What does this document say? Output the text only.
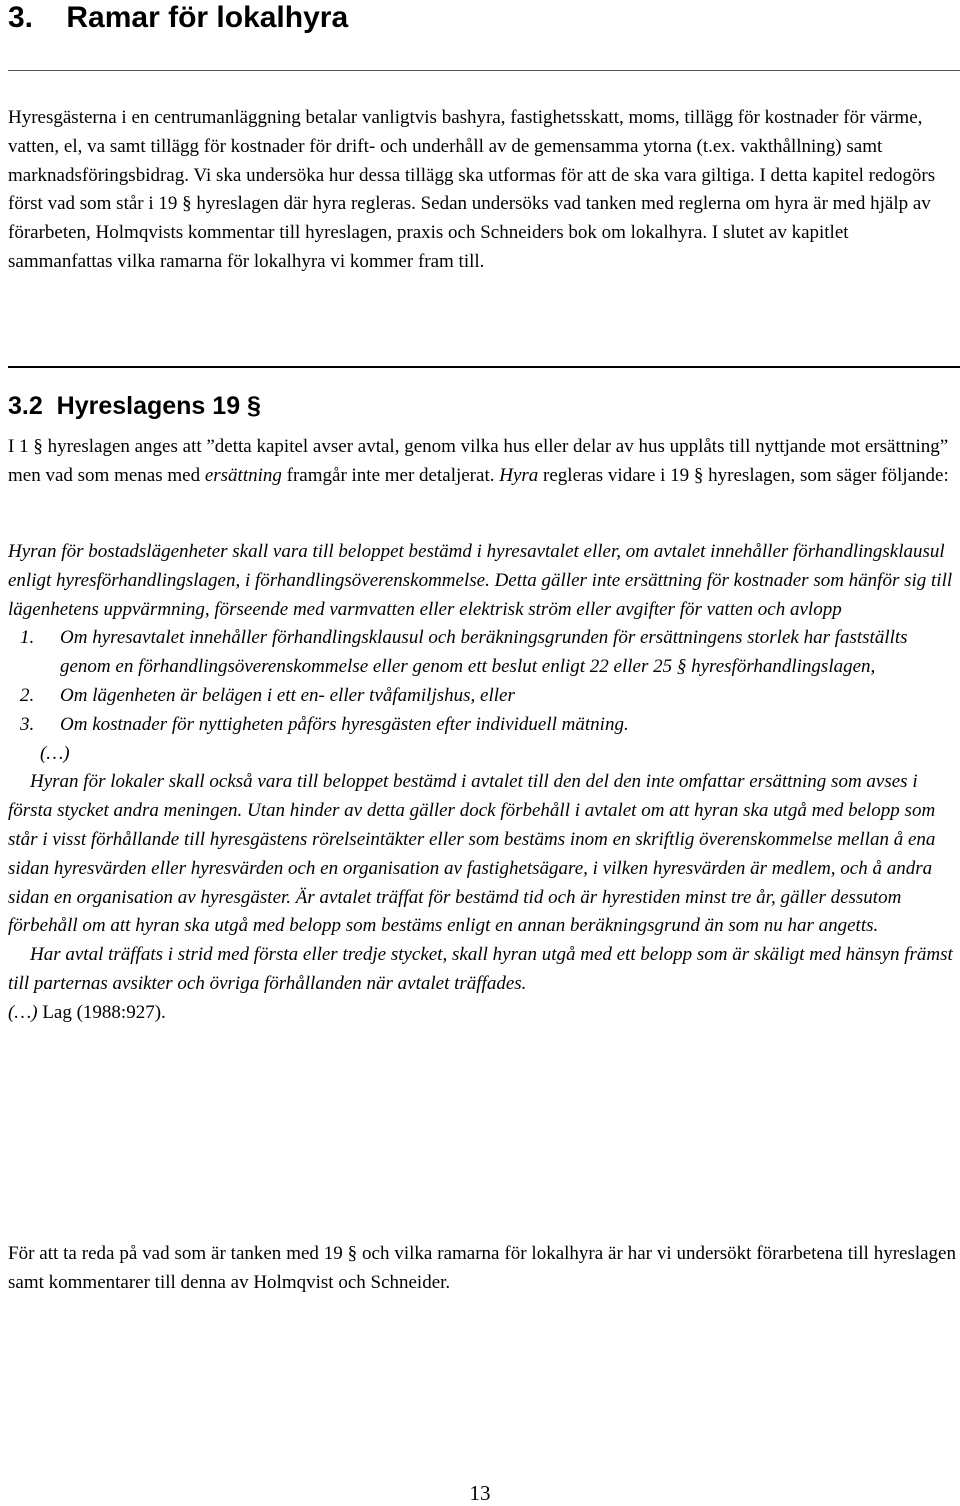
3.    Ramar för lokalhyra

Hyresgästerna i en centrumanläggning betalar vanligtvis bashyra, fastighetsskatt, moms, tillägg för kostnader för värme, vatten, el, va samt tillägg för kostnader för drift- och underhåll av de gemensamma ytorna (t.ex. vakthållning) samt marknadsföringsbidrag. Vi ska undersöka hur dessa tillägg ska utformas för att de ska vara giltiga. I detta kapitel redogörs först vad som står i 19 § hyreslagen där hyra regleras. Sedan undersöks vad tanken med reglerna om hyra är med hjälp av förarbeten, Holmqvists kommentar till hyreslagen, praxis och Schneiders bok om lokalhyra. I slutet av kapitlet sammanfattas vilka ramarna för lokalhyra vi kommer fram till.

3.2  Hyreslagens 19 §

I 1 § hyreslagen anges att ”detta kapitel avser avtal, genom vilka hus eller delar av hus upplåts till nyttjande mot ersättning” men vad som menas med ersättning framgår inte mer detaljerat. Hyra regleras vidare i 19 § hyreslagen, som säger följande:

Hyran för bostadslägenheter skall vara till beloppet bestämd i hyresavtalet eller, om avtalet innehåller förhandlingsklausul enligt hyresförhandlingslagen, i förhandlingsöverenskommelse. Detta gäller inte ersättning för kostnader som hänför sig till lägenhetens uppvärmning, förseende med varmvatten eller elektrisk ström eller avgifter för vatten och avlopp

1. Om hyresavtalet innehåller förhandlingsklausul och beräkningsgrunden för ersättningens storlek har fastställts genom en förhandlingsöverenskommelse eller genom ett beslut enligt 22 eller 25 § hyresförhandlingslagen,
2. Om lägenheten är belägen i ett en- eller tvåfamiljshus, eller
3. Om kostnader för nyttigheten påförs hyresgästen efter individuell mätning.

(…)

Hyran för lokaler skall också vara till beloppet bestämd i avtalet till den del den inte omfattar ersättning som avses i första stycket andra meningen. Utan hinder av detta gäller dock förbehåll i avtalet om att hyran ska utgå med belopp som står i visst förhållande till hyresgästens rörelseintäkter eller som bestäms inom en skriftlig överenskommelse mellan å ena sidan hyresvärden eller hyresvärden och en organisation av fastighetsägare, i vilken hyresvärden är medlem, och å andra sidan en organisation av hyresgäster. Är avtalet träffat för bestämd tid och är hyrestiden minst tre år, gäller dessutom förbehåll om att hyran ska utgå med belopp som bestäms enligt en annan beräkningsgrund än som nu har angetts.

Har avtal träffats i strid med första eller tredje stycket, skall hyran utgå med ett belopp som är skäligt med hänsyn främst till parternas avsikter och övriga förhållanden när avtalet träffades.

(…) Lag (1988:927).

För att ta reda på vad som är tanken med 19 § och vilka ramarna för lokalhyra är har vi undersökt förarbetena till hyreslagen samt kommentarer till denna av Holmqvist och Schneider.

13
